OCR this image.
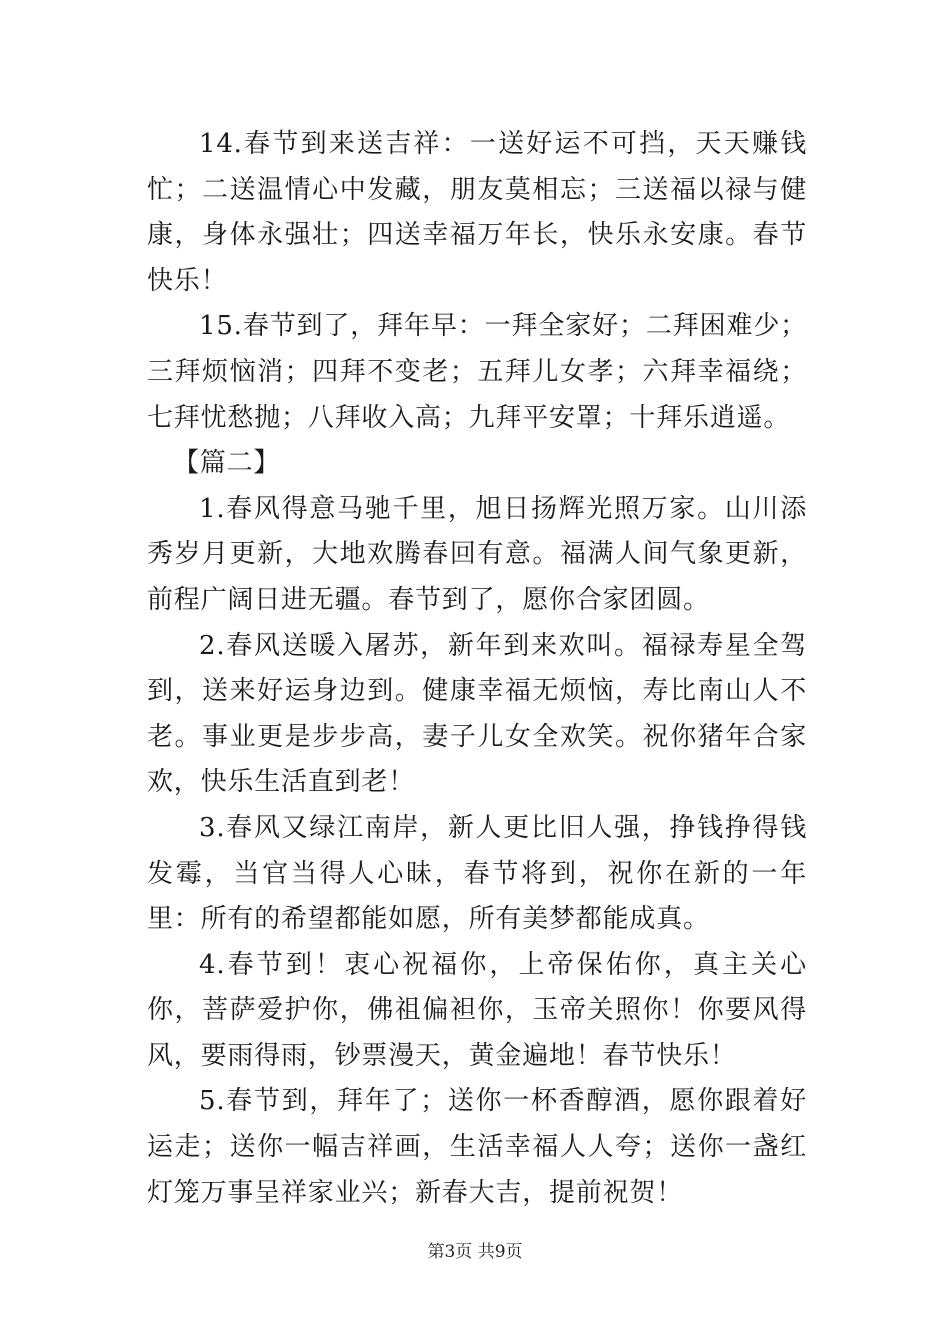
14.春节到来送吉祥：一送好运不可挡，天天赚钱忙；二送温情心中发藏，朋友莫相忘；三送福以禄与健康，身体永强壮；四送幸福万年长，快乐永安康。春节快乐！

15.春节到了，拜年早：一拜全家好；二拜困难少；三拜烦恼消；四拜不变老；五拜儿女孝；六拜幸福绕；七拜忧愁抛；八拜收入高；九拜平安罩；十拜乐逍遥。

【篇二】

1.春风得意马驰千里，旭日扬辉光照万家。山川添秀岁月更新，大地欢腾春回有意。福满人间气象更新，前程广阔日进无疆。春节到了，愿你合家团圆。

2.春风送暖入屠苏，新年到来欢叫。福禄寿星全驾到，送来好运身边到。健康幸福无烦恼，寿比南山人不老。事业更是步步高，妻子儿女全欢笑。祝你猪年合家欢，快乐生活直到老！

3.春风又绿江南岸，新人更比旧人强，挣钱挣得钱发霉，当官当得人心昧，春节将到，祝你在新的一年里：所有的希望都能如愿，所有美梦都能成真。

4.春节到！衷心祝福你，上帝保佑你，真主关心你，菩萨爱护你，佛祖偏袒你，玉帝关照你！你要风得风，要雨得雨，钞票漫天，黄金遍地！春节快乐！

5.春节到，拜年了；送你一杯香醇酒，愿你跟着好运走；送你一幅吉祥画，生活幸福人人夸；送你一盏红灯笼万事呈祥家业兴；新春大吉，提前祝贺！

第3页 共9页
